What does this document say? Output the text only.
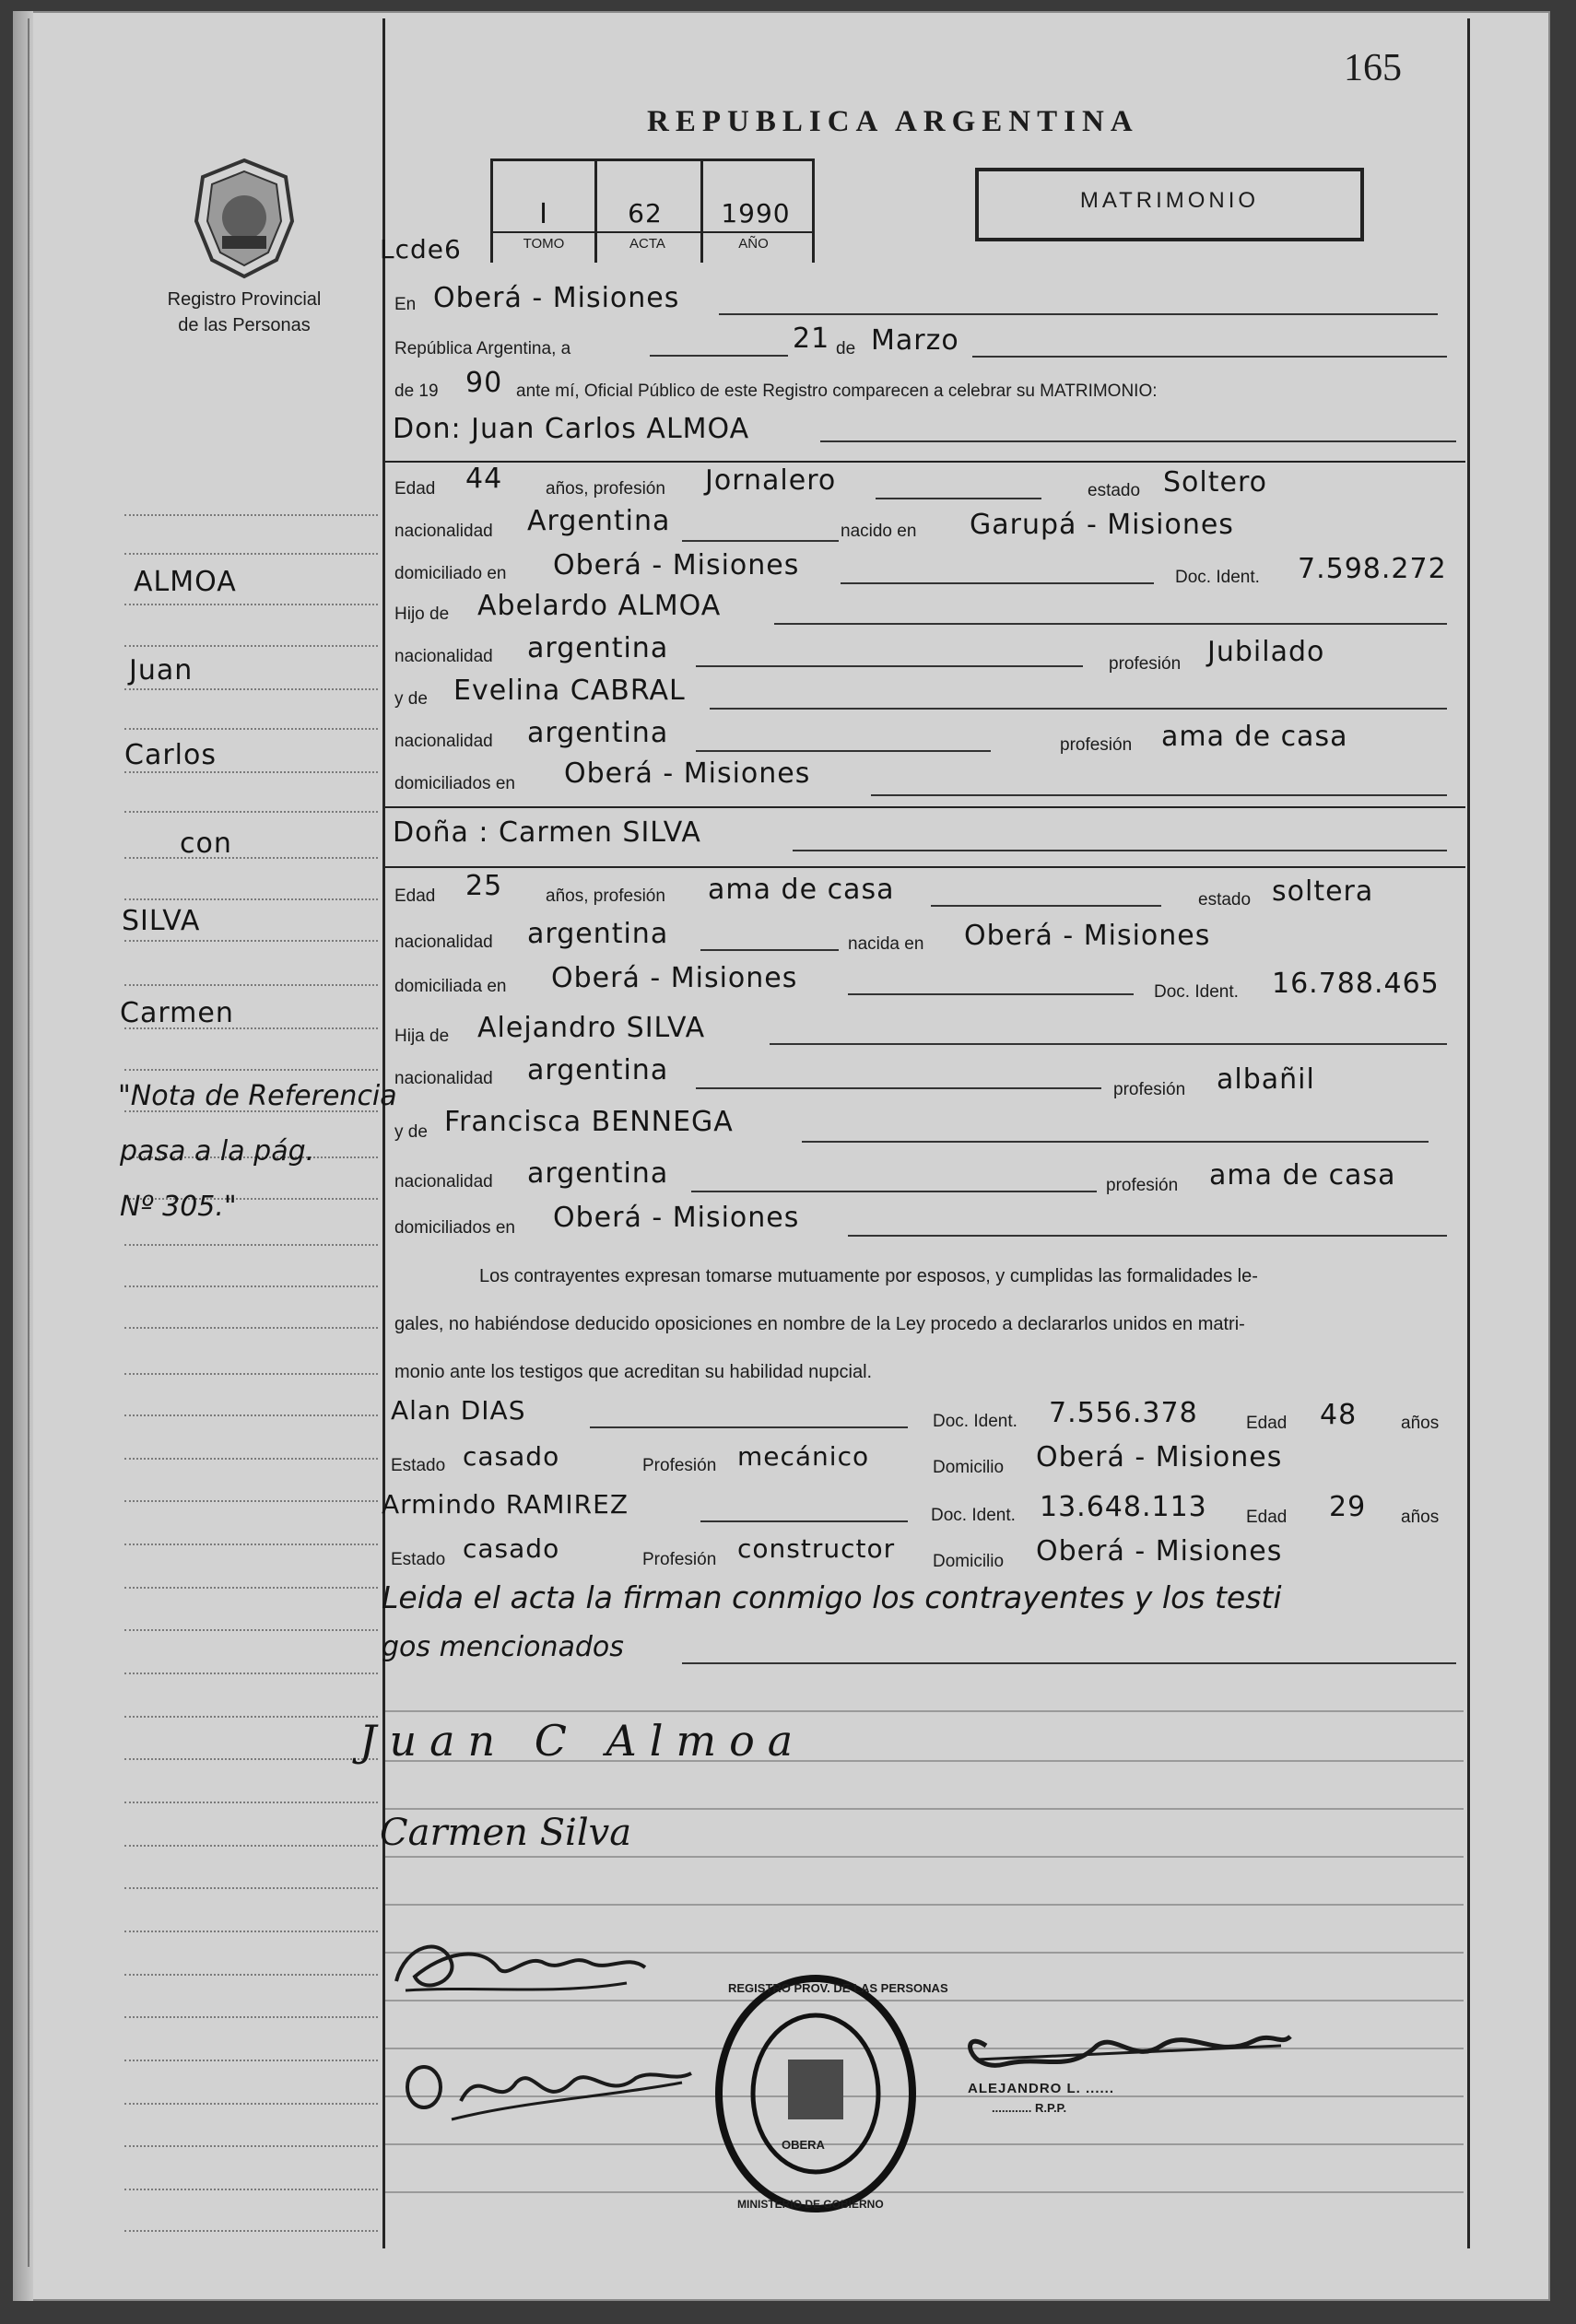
165
REPUBLICA ARGENTINA
MATRIMONIO
Registro Provincial
de las Personas
I	62	1990
TOMO	ACTA	AÑO
Lcde6
ALMOA
Juan
Carlos
con
SILVA
Carmen
"Nota de Referencia
pasa a la pág.
Nº 305."
En Oberá - Misiones
República Argentina, a	21 de Marzo
de 19 90 ante mí, Oficial Público de este Registro comparecen a celebrar su MATRIMONIO:
Don: Juan Carlos ALMOA
Edad 44 años, profesión Jornalero	estado Soltero
nacionalidad Argentina	nacido en Garupá - Misiones
domiciliado en Oberá - Misiones	Doc. Ident. 7.598.272
Hijo de Abelardo ALMOA
nacionalidad argentina	profesión Jubilado
y de Evelina CABRAL
nacionalidad argentina	profesión ama de casa
domiciliados en Oberá - Misiones
Doña : Carmen SILVA
Edad 25 años, profesión ama de casa	estado soltera
nacionalidad argentina	nacida en Oberá - Misiones
domiciliada en Oberá - Misiones	Doc. Ident. 16.788.465
Hija de Alejandro SILVA
nacionalidad argentina
profesión albañil
y de Francisca BENNEGA
nacionalidad argentina	profesión ama de casa
domiciliados en Oberá - Misiones
Los contrayentes expresan tomarse mutuamente por esposos, y cumplidas las formalidades le-
gales, no habiéndose deducido oposiciones en nombre de la Ley procedo a declararlos unidos en matri-
monio ante los testigos que acreditan su habilidad nupcial.
Alan DIAS	Doc. Ident. 7.556.378	Edad 48	años
Estado casado	Profesión mecánico	Domicilio Oberá - Misiones
Armindo RAMIREZ	Doc. Ident. 13.648.113 Edad 29 años
Estado casado	Profesión constructor Domicilio Oberá - Misiones
Leida el acta la firman conmigo los contrayentes y los testi
gos mencionados
Juan C Almoa
Carmen Silva
REGISTRO PROV. DE LAS PERSONAS
OBERA
MINISTERIO DE GOBIERNO
ALEJANDRO L. ......
............ R.P.P.
